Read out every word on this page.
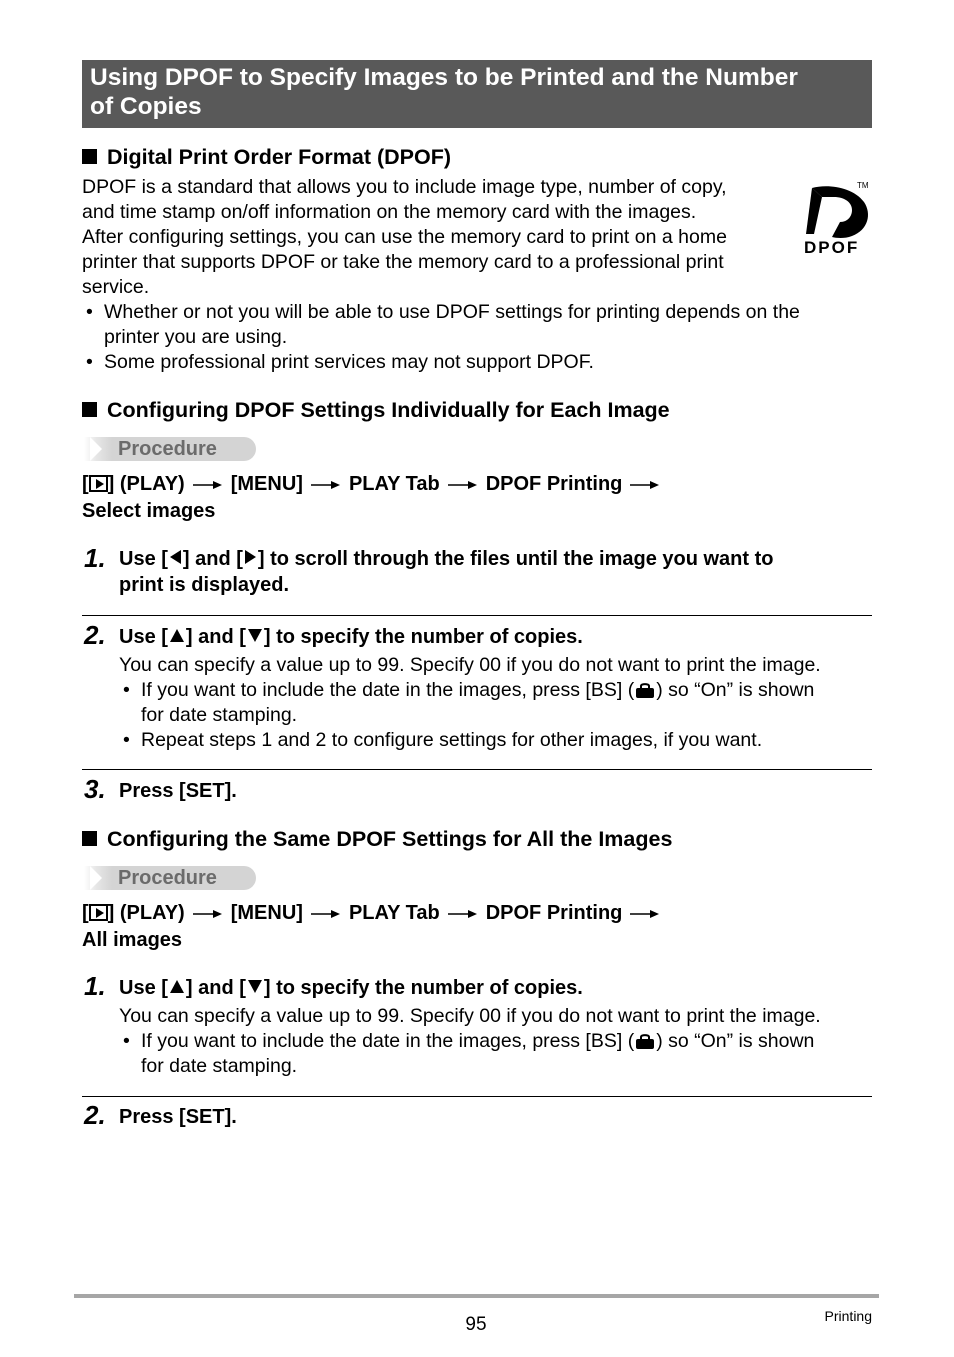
Using DPOF to Specify Images to be Printed and the Number
of Copies
Digital Print Order Format (DPOF)
DPOF is a standard that allows you to include image type, number of copy,
and time stamp on/off information on the memory card with the images.
After configuring settings, you can use the memory card to print on a home
printer that supports DPOF or take the memory card to a professional print
service.
TM
DPOF
• Whether or not you will be able to use DPOF settings for printing depends on the
printer you are using.
• Some professional print services may not support DPOF.
Configuring DPOF Settings Individually for Each Image
Procedure
[ ] (PLAY) [MENU] PLAY Tab DPOF Printing
Select images
1. Use [ ] and [ ] to scroll through the files until the image you want to
print is displayed.
2. Use [ ] and [ ] to specify the number of copies.
You can specify a value up to 99. Specify 00 if you do not want to print the image.
• If you want to include the date in the images, press [BS] ( ) so “On” is shown
for date stamping.
• Repeat steps 1 and 2 to configure settings for other images, if you want.
3. Press [SET].
Configuring the Same DPOF Settings for All the Images
Procedure
[ ] (PLAY) [MENU] PLAY Tab DPOF Printing
All images
1. Use [ ] and [ ] to specify the number of copies.
You can specify a value up to 99. Specify 00 if you do not want to print the image.
• If you want to include the date in the images, press [BS] ( ) so “On” is shown
for date stamping.
2. Press [SET].
95	Printing
